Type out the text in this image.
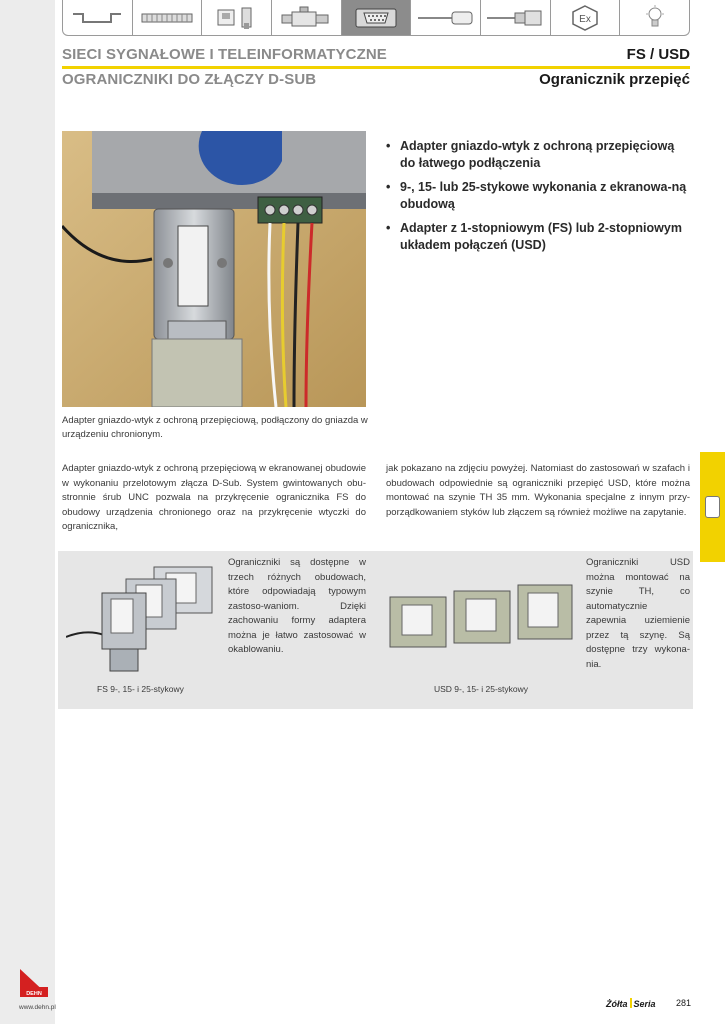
Ex
SIECI SYGNAŁOWE I TELEINFORMATYCZNE	FS / USD
OGRANICZNIKI DO ZŁĄCZY D-SUB	Ogranicznik przepięć

Adapter gniazdo-wtyk z ochroną przepięciową, podłączony do gniazda w urządzeniu chronionym.

• Adapter gniazdo-wtyk z ochroną przepięciową do łatwego podłączenia
• 9-, 15- lub 25-stykowe wykonania z ekranowa-ną obudową
• Adapter z 1-stopniowym (FS) lub 2-stopniowym układem połączeń (USD)

Adapter gniazdo-wtyk z ochroną przepięciową w ekranowanej obudowie w wykonaniu przelotowym złącza D-Sub. System gwintowanych obu-stronnie śrub UNC pozwala na przykręcenie ogranicznika FS do obudowy urządzenia chronionego oraz na przykręcenie wtyczki do ogranicznika,

jak pokazano na zdjęciu powyżej. Natomiast do zastosowań w szafach i obudowach odpowiednie są ograniczniki przepięć USD, które można montować na szynie TH 35 mm. Wykonania specjalne z innym przy-porządkowaniem styków lub złączem są również możliwe na zapytanie.

Ograniczniki są dostępne w trzech różnych obudowach, które odpowiadają typowym zastoso-waniom. Dzięki zachowaniu formy adaptera można je łatwo zastosować w okablowaniu.

Ograniczniki USD można montować na szynie TH, co automatycznie zapewnia uziemienie przez tą szynę. Są dostępne trzy wykona-nia.

FS 9-, 15- i 25-stykowy	USD 9-, 15- i 25-stykowy
DEHN
www.dehn.pl	Żółta Seria 281
